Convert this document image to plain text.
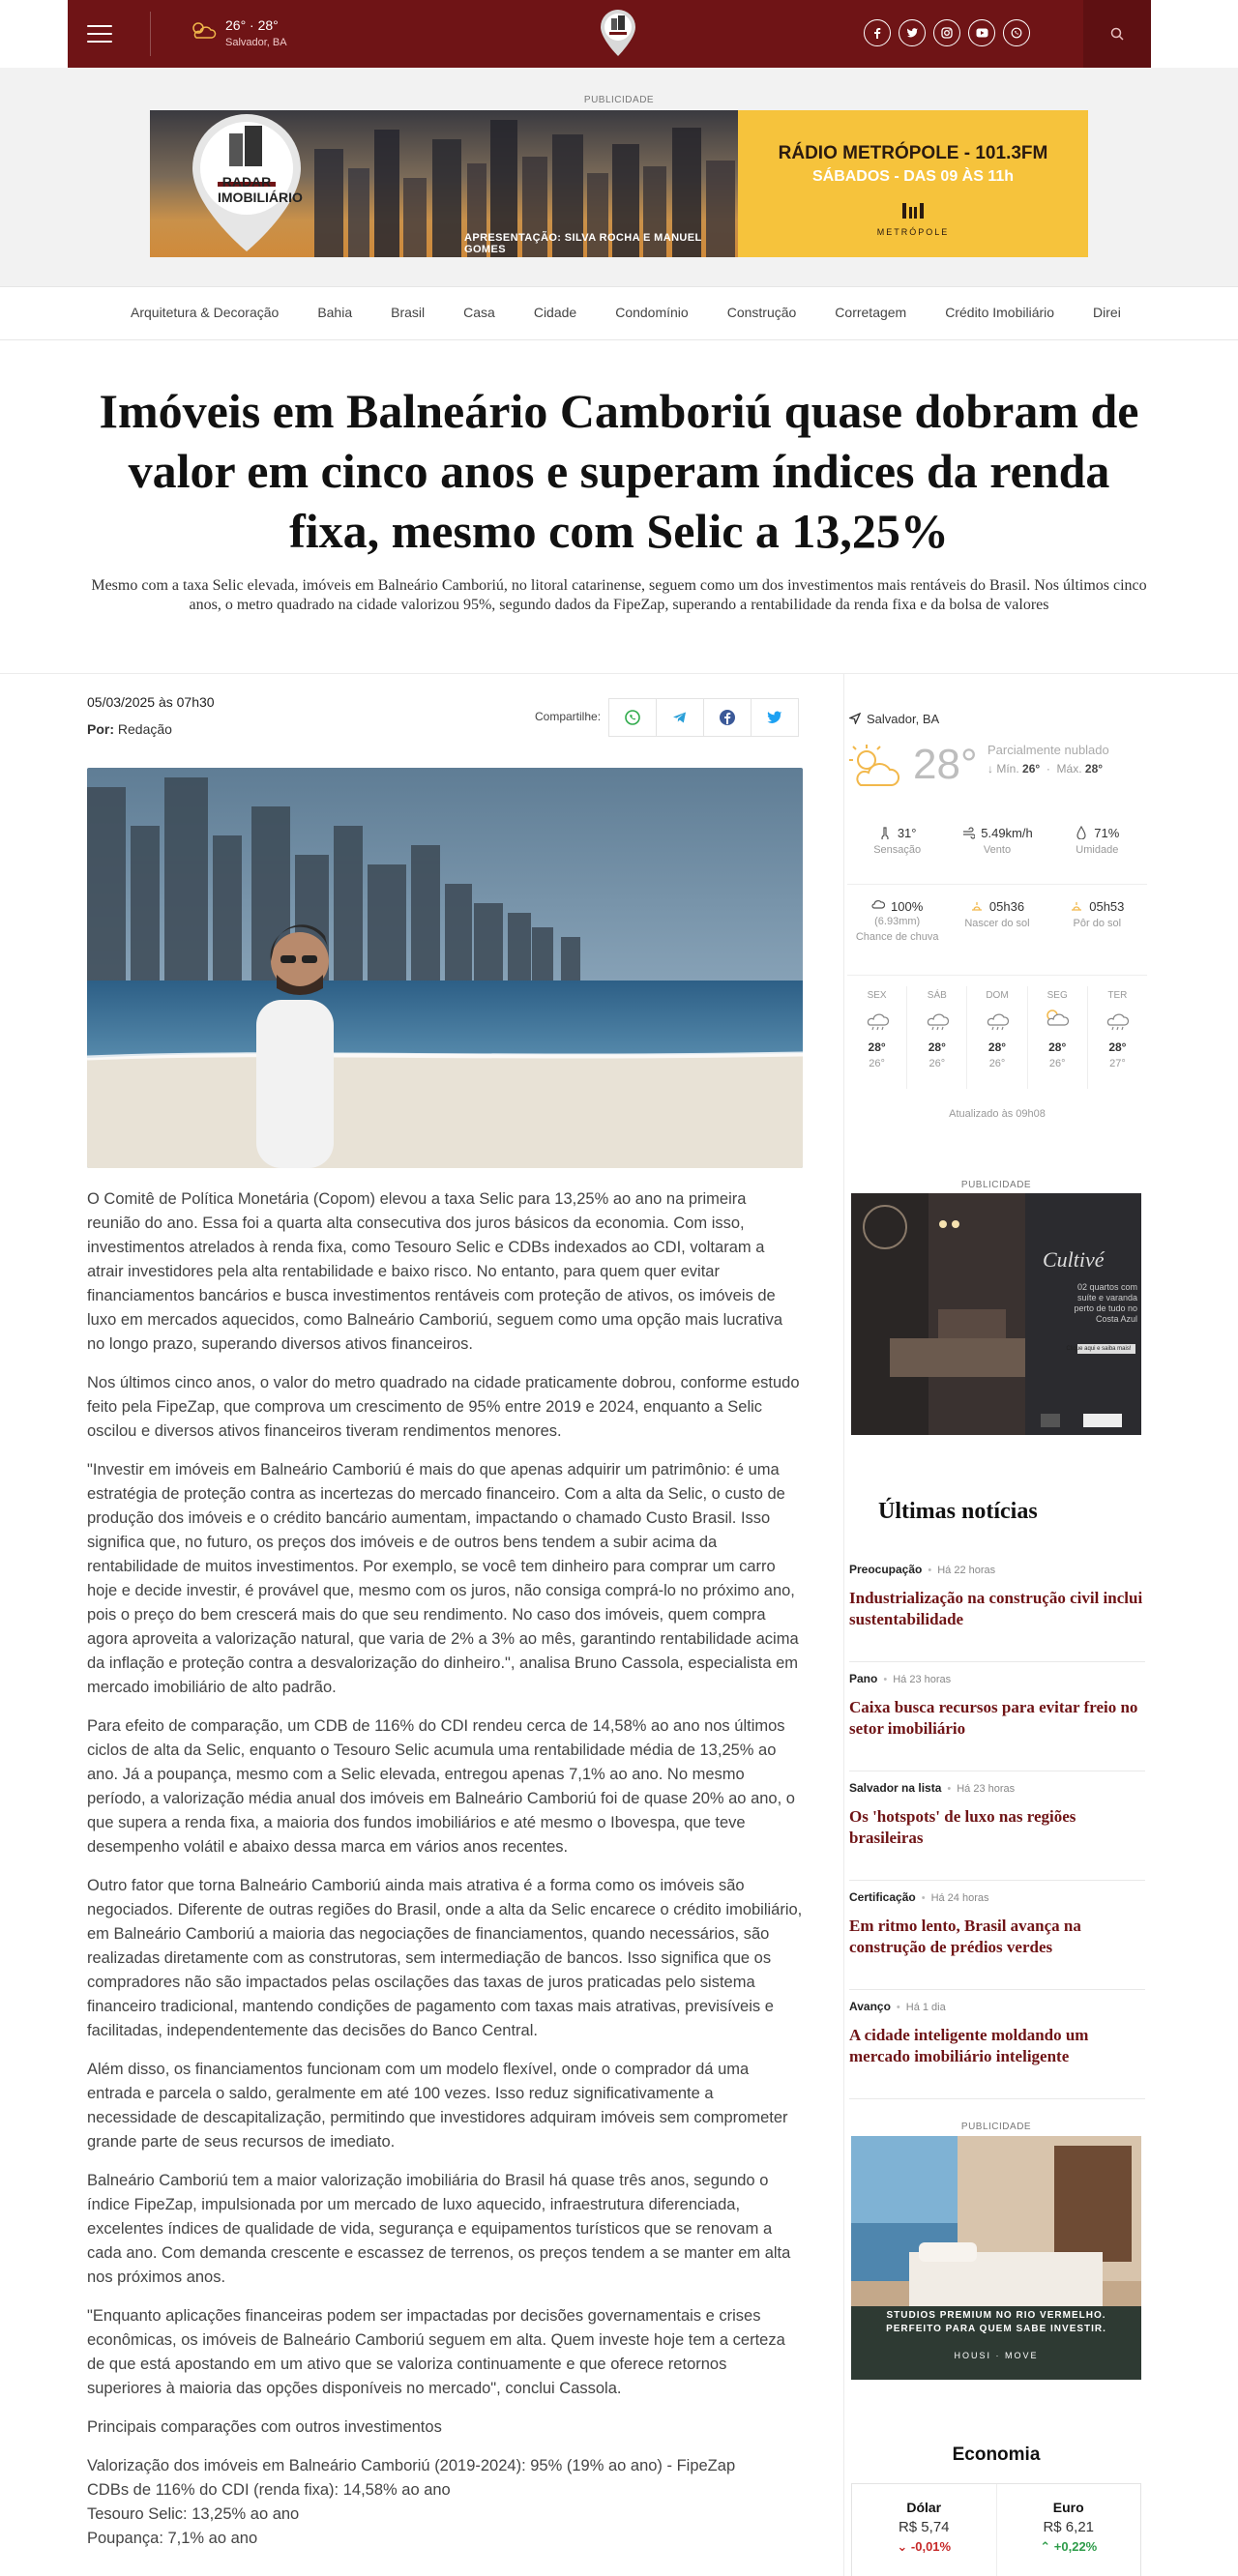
26° · 28°
Salvador, BA
PUBLICIDADE
RADAR IMOBILIÁRIO
APRESENTAÇÃO: SILVA ROCHA E MANUEL GOMES
RÁDIO METRÓPOLE - 101.3FM
SÁBADOS - DAS 09 ÀS 11h
METRÓPOLE
Arquitetura & Decoração	Bahia	Brasil	Casa	Cidade	Condomínio	Construção	Corretagem	Crédito Imobiliário	Direi
Imóveis em Balneário Camboriú quase dobram de valor em cinco anos e superam índices da renda fixa, mesmo com Selic a 13,25%

Mesmo com a taxa Selic elevada, imóveis em Balneário Camboriú, no litoral catarinense, seguem como um dos investimentos mais rentáveis do Brasil. Nos últimos cinco anos, o metro quadrado na cidade valorizou 95%, segundo dados da FipeZap, superando a rentabilidade da renda fixa e da bolsa de valores

05/03/2025 às 07h30
Por: Redação
Compartilhe:

O Comitê de Política Monetária (Copom) elevou a taxa Selic para 13,25% ao ano na primeira reunião do ano. Essa foi a quarta alta consecutiva dos juros básicos da economia. Com isso, investimentos atrelados à renda fixa, como Tesouro Selic e CDBs indexados ao CDI, voltaram a atrair investidores pela alta rentabilidade e baixo risco. No entanto, para quem quer evitar financiamentos bancários e busca investimentos rentáveis com proteção de ativos, os imóveis de luxo em mercados aquecidos, como Balneário Camboriú, seguem como uma opção mais lucrativa no longo prazo, superando diversos ativos financeiros.

Nos últimos cinco anos, o valor do metro quadrado na cidade praticamente dobrou, conforme estudo feito pela FipeZap, que comprova um crescimento de 95% entre 2019 e 2024, enquanto a Selic oscilou e diversos ativos financeiros tiveram rendimentos menores.

"Investir em imóveis em Balneário Camboriú é mais do que apenas adquirir um patrimônio: é uma estratégia de proteção contra as incertezas do mercado financeiro. Com a alta da Selic, o custo de produção dos imóveis e o crédito bancário aumentam, impactando o chamado Custo Brasil. Isso significa que, no futuro, os preços dos imóveis e de outros bens tendem a subir acima da rentabilidade de muitos investimentos. Por exemplo, se você tem dinheiro para comprar um carro hoje e decide investir, é provável que, mesmo com os juros, não consiga comprá-lo no próximo ano, pois o preço do bem crescerá mais do que seu rendimento. No caso dos imóveis, quem compra agora aproveita a valorização natural, que varia de 2% a 3% ao mês, garantindo rentabilidade acima da inflação e proteção contra a desvalorização do dinheiro.", analisa Bruno Cassola, especialista em mercado imobiliário de alto padrão.

Para efeito de comparação, um CDB de 116% do CDI rendeu cerca de 14,58% ao ano nos últimos ciclos de alta da Selic, enquanto o Tesouro Selic acumula uma rentabilidade média de 13,25% ao ano. Já a poupança, mesmo com a Selic elevada, entregou apenas 7,1% ao ano. No mesmo período, a valorização média anual dos imóveis em Balneário Camboriú foi de quase 20% ao ano, o que supera a renda fixa, a maioria dos fundos imobiliários e até mesmo o Ibovespa, que teve desempenho volátil e abaixo dessa marca em vários anos recentes.

Outro fator que torna Balneário Camboriú ainda mais atrativa é a forma como os imóveis são negociados. Diferente de outras regiões do Brasil, onde a alta da Selic encarece o crédito imobiliário, em Balneário Camboriú a maioria das negociações de financiamentos, quando necessários, são realizadas diretamente com as construtoras, sem intermediação de bancos. Isso significa que os compradores não são impactados pelas oscilações das taxas de juros praticadas pelo sistema financeiro tradicional, mantendo condições de pagamento com taxas mais atrativas, previsíveis e facilitadas, independentemente das decisões do Banco Central.

Além disso, os financiamentos funcionam com um modelo flexível, onde o comprador dá uma entrada e parcela o saldo, geralmente em até 100 vezes. Isso reduz significativamente a necessidade de descapitalização, permitindo que investidores adquiram imóveis sem comprometer grande parte de seus recursos de imediato.

Balneário Camboriú tem a maior valorização imobiliária do Brasil há quase três anos, segundo o índice FipeZap, impulsionada por um mercado de luxo aquecido, infraestrutura diferenciada, excelentes índices de qualidade de vida, segurança e equipamentos turísticos que se renovam a cada ano. Com demanda crescente e escassez de terrenos, os preços tendem a se manter em alta nos próximos anos.

"Enquanto aplicações financeiras podem ser impactadas por decisões governamentais e crises econômicas, os imóveis de Balneário Camboriú seguem em alta. Quem investe hoje tem a certeza de que está apostando em um ativo que se valoriza continuamente e que oferece retornos superiores à maioria das opções disponíveis no mercado", conclui Cassola.

Principais comparações com outros investimentos

Valorização dos imóveis em Balneário Camboriú (2019-2024): 95% (19% ao ano) - FipeZap

CDBs de 116% do CDI (renda fixa): 14,58% ao ano

Tesouro Selic: 13,25% ao ano

Poupança: 7,1% ao ano

Salvador, BA
28° Parcialmente nublado
↓ Mín. 26°  ·  Máx. 28°
31°
Sensação
5.49km/h
Vento
71%
Umidade
100%
(6.93mm)
Chance de chuva
05h36
Nascer do sol
05h53
Pôr do sol
SEX
28°
26°
SÁB
28°
26°
DOM
28°
26°
SEG
28°
26°
TER
28°
27°
Atualizado às 09h08
PUBLICIDADE
Cultivé
02 quartos com suíte e varanda perto de tudo no Costa Azul
Clique aqui e saiba mais!
Últimas notícias
Preocupação • Há 22 horas
Industrialização na construção civil inclui sustentabilidade
Pano • Há 23 horas
Caixa busca recursos para evitar freio no setor imobiliário
Salvador na lista • Há 23 horas
Os 'hotspots' de luxo nas regiões brasileiras
Certificação • Há 24 horas
Em ritmo lento, Brasil avança na construção de prédios verdes
Avanço • Há 1 dia
A cidade inteligente moldando um mercado imobiliário inteligente
PUBLICIDADE
STUDIOS PREMIUM NO RIO VERMELHO.
PERFEITO PARA QUEM SABE INVESTIR.
HOUSI · MOVE
Economia
Dólar
R$ 5,74
⌄ -0,01%
Euro
R$ 6,21
⌃ +0,22%
